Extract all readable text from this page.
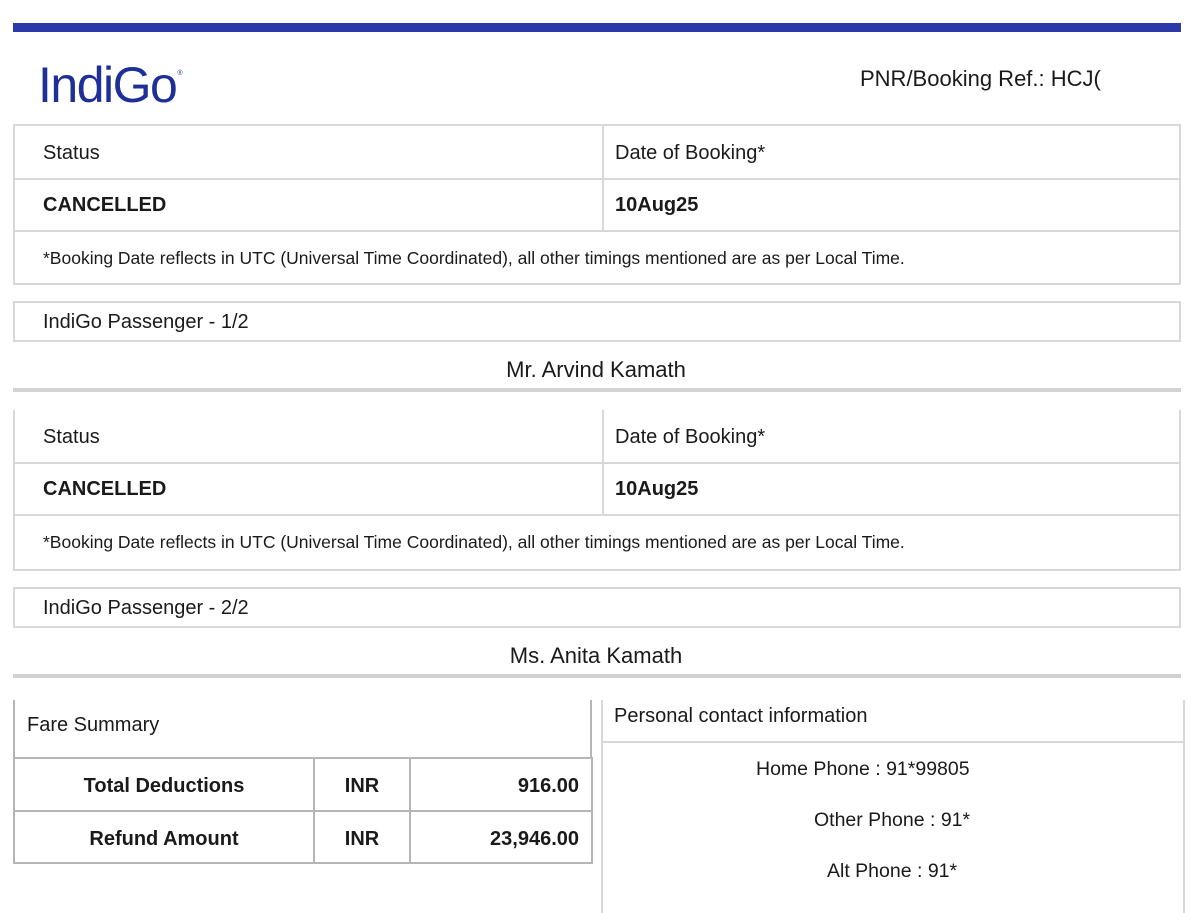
IndiGo®	PNR/Booking Ref.: HCJ(
Status	Date of Booking*
CANCELLED	10Aug25
*Booking Date reflects in UTC (Universal Time Coordinated), all other timings mentioned are as per Local Time.
IndiGo Passenger - 1/2
Mr. Arvind Kamath
Status	Date of Booking*
CANCELLED	10Aug25
*Booking Date reflects in UTC (Universal Time Coordinated), all other timings mentioned are as per Local Time.
IndiGo Passenger - 2/2
Ms. Anita Kamath
Fare Summary
Total Deductions	INR	916.00
Refund Amount	INR	23,946.00
Personal contact information
Home Phone : 91*99805
Other Phone : 91*
Alt Phone : 91*
